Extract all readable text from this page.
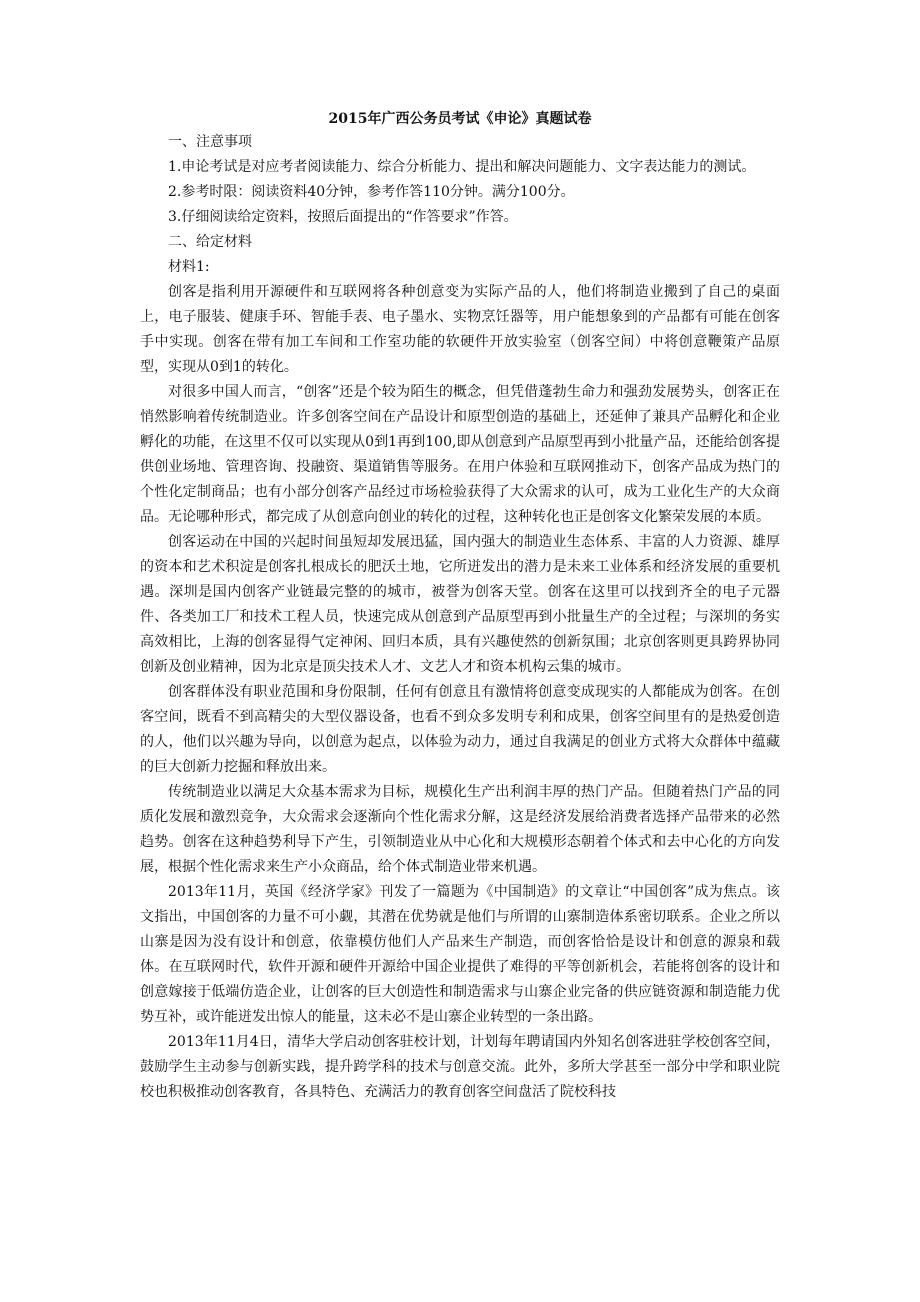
2015年广西公务员考试《申论》真题试卷

一、注意事项

1.申论考试是对应考者阅读能力、综合分析能力、提出和解决问题能力、文字表达能力的测试。

2.参考时限：阅读资料40分钟，参考作答110分钟。满分100分。

3.仔细阅读给定资料，按照后面提出的“作答要求”作答。

二、给定材料

材料1:

创客是指利用开源硬件和互联网将各种创意变为实际产品的人，他们将制造业搬到了自己的桌面上，电子服装、健康手环、智能手表、电子墨水、实物烹饪器等，用户能想象到的产品都有可能在创客手中实现。创客在带有加工车间和工作室功能的软硬件开放实验室（创客空间）中将创意鞭策产品原型，实现从0到1的转化。

对很多中国人而言，“创客”还是个较为陌生的概念，但凭借蓬勃生命力和强劲发展势头，创客正在悄然影响着传统制造业。许多创客空间在产品设计和原型创造的基础上，还延伸了兼具产品孵化和企业孵化的功能，在这里不仅可以实现从0到1再到100,即从创意到产品原型再到小批量产品，还能给创客提供创业场地、管理咨询、投融资、渠道销售等服务。在用户体验和互联网推动下，创客产品成为热门的个性化定制商品；也有小部分创客产品经过市场检验获得了大众需求的认可，成为工业化生产的大众商品。无论哪种形式，都完成了从创意向创业的转化的过程，这种转化也正是创客文化繁荣发展的本质。

创客运动在中国的兴起时间虽短却发展迅猛，国内强大的制造业生态体系、丰富的人力资源、雄厚的资本和艺术积淀是创客扎根成长的肥沃土地，它所迸发出的潜力是未来工业体系和经济发展的重要机遇。深圳是国内创客产业链最完整的的城市，被誉为创客天堂。创客在这里可以找到齐全的电子元器件、各类加工厂和技术工程人员，快速完成从创意到产品原型再到小批量生产的全过程；与深圳的务实高效相比，上海的创客显得气定神闲、回归本质，具有兴趣使然的创新氛围；北京创客则更具跨界协同创新及创业精神，因为北京是顶尖技术人才、文艺人才和资本机构云集的城市。

创客群体没有职业范围和身份限制，任何有创意且有激情将创意变成现实的人都能成为创客。在创客空间，既看不到高精尖的大型仪器设备，也看不到众多发明专利和成果，创客空间里有的是热爱创造的人，他们以兴趣为导向，以创意为起点，以体验为动力，通过自我满足的创业方式将大众群体中蕴藏的巨大创新力挖掘和释放出来。

传统制造业以满足大众基本需求为目标，规模化生产出利润丰厚的热门产品。但随着热门产品的同质化发展和激烈竞争，大众需求会逐渐向个性化需求分解，这是经济发展给消费者选择产品带来的必然趋势。创客在这种趋势利导下产生，引领制造业从中心化和大规模形态朝着个体式和去中心化的方向发展，根据个性化需求来生产小众商品，给个体式制造业带来机遇。

2013年11月，英国《经济学家》刊发了一篇题为《中国制造》的文章让“中国创客”成为焦点。该文指出，中国创客的力量不可小觑，其潜在优势就是他们与所谓的山寨制造体系密切联系。企业之所以山寨是因为没有设计和创意，依靠模仿他们人产品来生产制造，而创客恰恰是设计和创意的源泉和载体。在互联网时代，软件开源和硬件开源给中国企业提供了难得的平等创新机会，若能将创客的设计和创意嫁接于低端仿造企业，让创客的巨大创造性和制造需求与山寨企业完备的供应链资源和制造能力优势互补，或许能迸发出惊人的能量，这未必不是山寨企业转型的一条出路。

2013年11月4日，清华大学启动创客驻校计划，计划每年聘请国内外知名创客进驻学校创客空间，鼓励学生主动参与创新实践，提升跨学科的技术与创意交流。此外，多所大学甚至一部分中学和职业院校也积极推动创客教育，各具特色、充满活力的教育创客空间盘活了院校科技
